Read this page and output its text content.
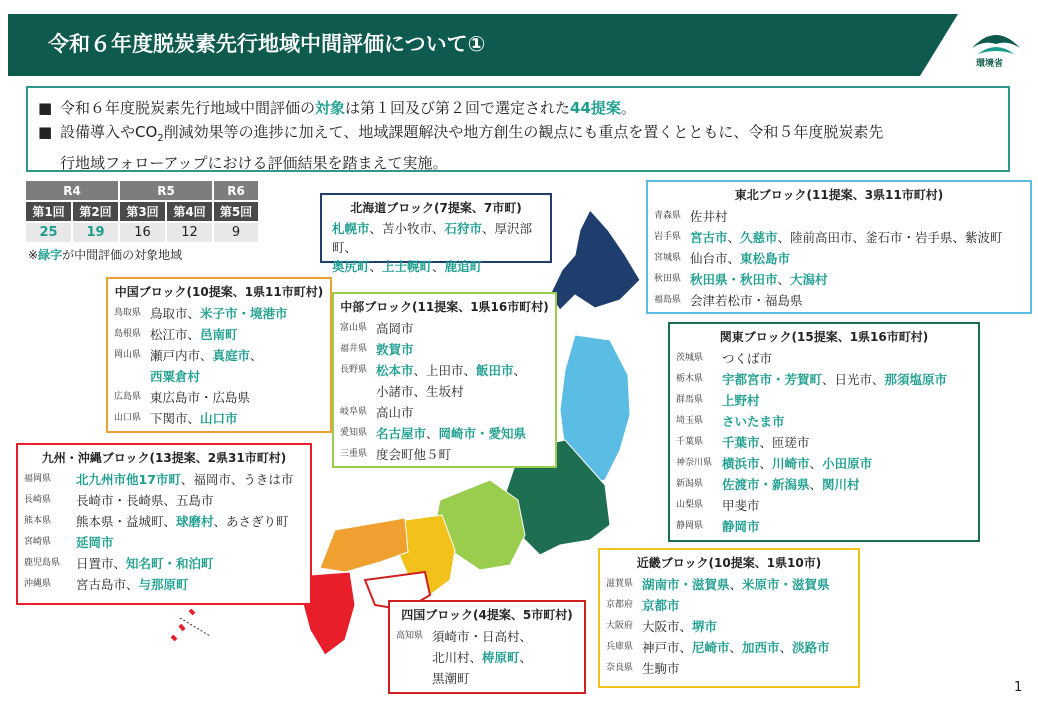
令和６年度脱炭素先行地域中間評価について①
環境省
■ 令和６年度脱炭素先行地域中間評価の対象は第１回及び第２回で選定された44提案。
■ 設備導入や$CO_2$削減効果等の進捗に加えて、地域課題解決や地方創生の観点にも重点を置くとともに、令和５年度脱炭素先
行地域フォローアップにおける評価結果を踏まえて実施。
R4		R5		R6
第1回	第2回	第3回	第4回	第5回
25	19	16	12	9
※緑字が中間評価の対象地域
北海道ブロック(7提案、7市町)
札幌市、苫小牧市、石狩市、厚沢部町、
奥尻町、上士幌町、鹿追町
東北ブロック(11提案、3県11市町村)
青森県 佐井村
岩手県 宮古市、久慈市、陸前高田市、釜石市・岩手県、紫波町
宮城県 仙台市、東松島市
秋田県 秋田県・秋田市、大潟村
福島県 会津若松市・福島県
中国ブロック(10提案、1県11市町村)
鳥取県 鳥取市、米子市・境港市
島根県 松江市、邑南町
岡山県 瀬戸内市、真庭市、
西粟倉村
広島県 東広島市・広島県
山口県 下関市、山口市
中部ブロック(11提案、1県16市町村)
富山県 高岡市
福井県 敦賀市
長野県 松本市、上田市、飯田市、
小諸市、生坂村
岐阜県 高山市
愛知県 名古屋市、岡崎市・愛知県
三重県 度会町他５町
関東ブロック(15提案、1県16市町村)
茨城県	つくば市
栃木県	宇都宮市・芳賀町、日光市、那須塩原市
群馬県	上野村
埼玉県	さいたま市
千葉県	千葉市、匝瑳市
神奈川県 横浜市、川崎市、小田原市
新潟県	佐渡市・新潟県、関川村
山梨県	甲斐市
静岡県	静岡市
九州・沖縄ブロック(13提案、2県31市町村)
福岡県	北九州市他17市町、福岡市、うきは市
長崎県	長崎市・長崎県、五島市
熊本県	熊本県・益城町、球磨村、あさぎり町
宮崎県	延岡市
鹿児島県	日置市、知名町・和泊町
沖縄県	宮古島市、与那原町
四国ブロック(4提案、5市町村)
高知県 須崎市・日高村、
北川村、梼原町、
黒潮町
近畿ブロック(10提案、1県10市)
滋賀県 湖南市・滋賀県、米原市・滋賀県
京都府 京都市
大阪府 大阪市、堺市
兵庫県 神戸市、尼崎市、加西市、淡路市
奈良県 生駒市
1
